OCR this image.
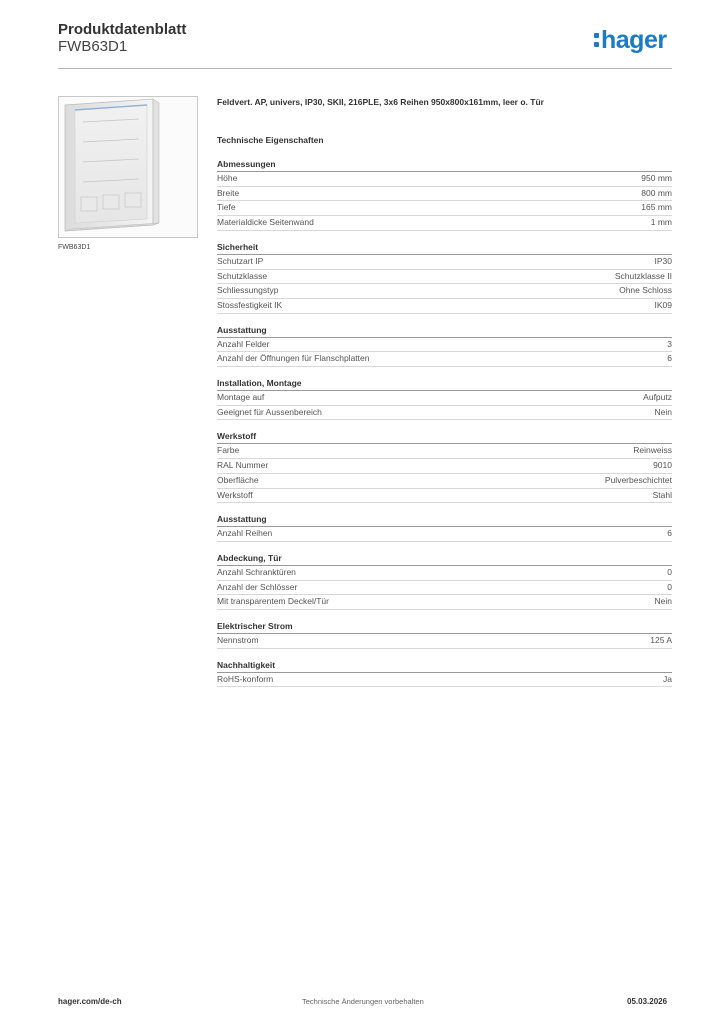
Produktdatenblatt
FWB63D1	hager
FWB63D1

Feldvert. AP, univers, IP30, SKII, 216PLE, 3x6 Reihen 950x800x161mm, leer o. Tür

Technische Eigenschaften

Abmessungen
Höhe	950 mm
Breite	800 mm
Tiefe	165 mm
Materialdicke Seitenwand	1 mm
Sicherheit
Schutzart IP	IP30
Schutzklasse	Schutzklasse II
Schliessungstyp	Ohne Schloss
Stossfestigkeit IK	IK09
Ausstattung
Anzahl Felder	3
Anzahl der Öffnungen für Flanschplatten	6
Installation, Montage
Montage auf	Aufputz
Geeignet für Aussenbereich	Nein
Werkstoff
Farbe	Reinweiss
RAL Nummer	9010
Oberfläche	Pulverbeschichtet
Werkstoff	Stahl
Ausstattung
Anzahl Reihen	6
Abdeckung, Tür
Anzahl Schranktüren	0
Anzahl der Schlösser	0
Mit transparentem Deckel/Tür	Nein
Elektrischer Strom
Nennstrom	125 A
Nachhaltigkeit
RoHS-konform	Ja
hager.com/de-ch	Technische Änderungen vorbehalten	05.03.2026
